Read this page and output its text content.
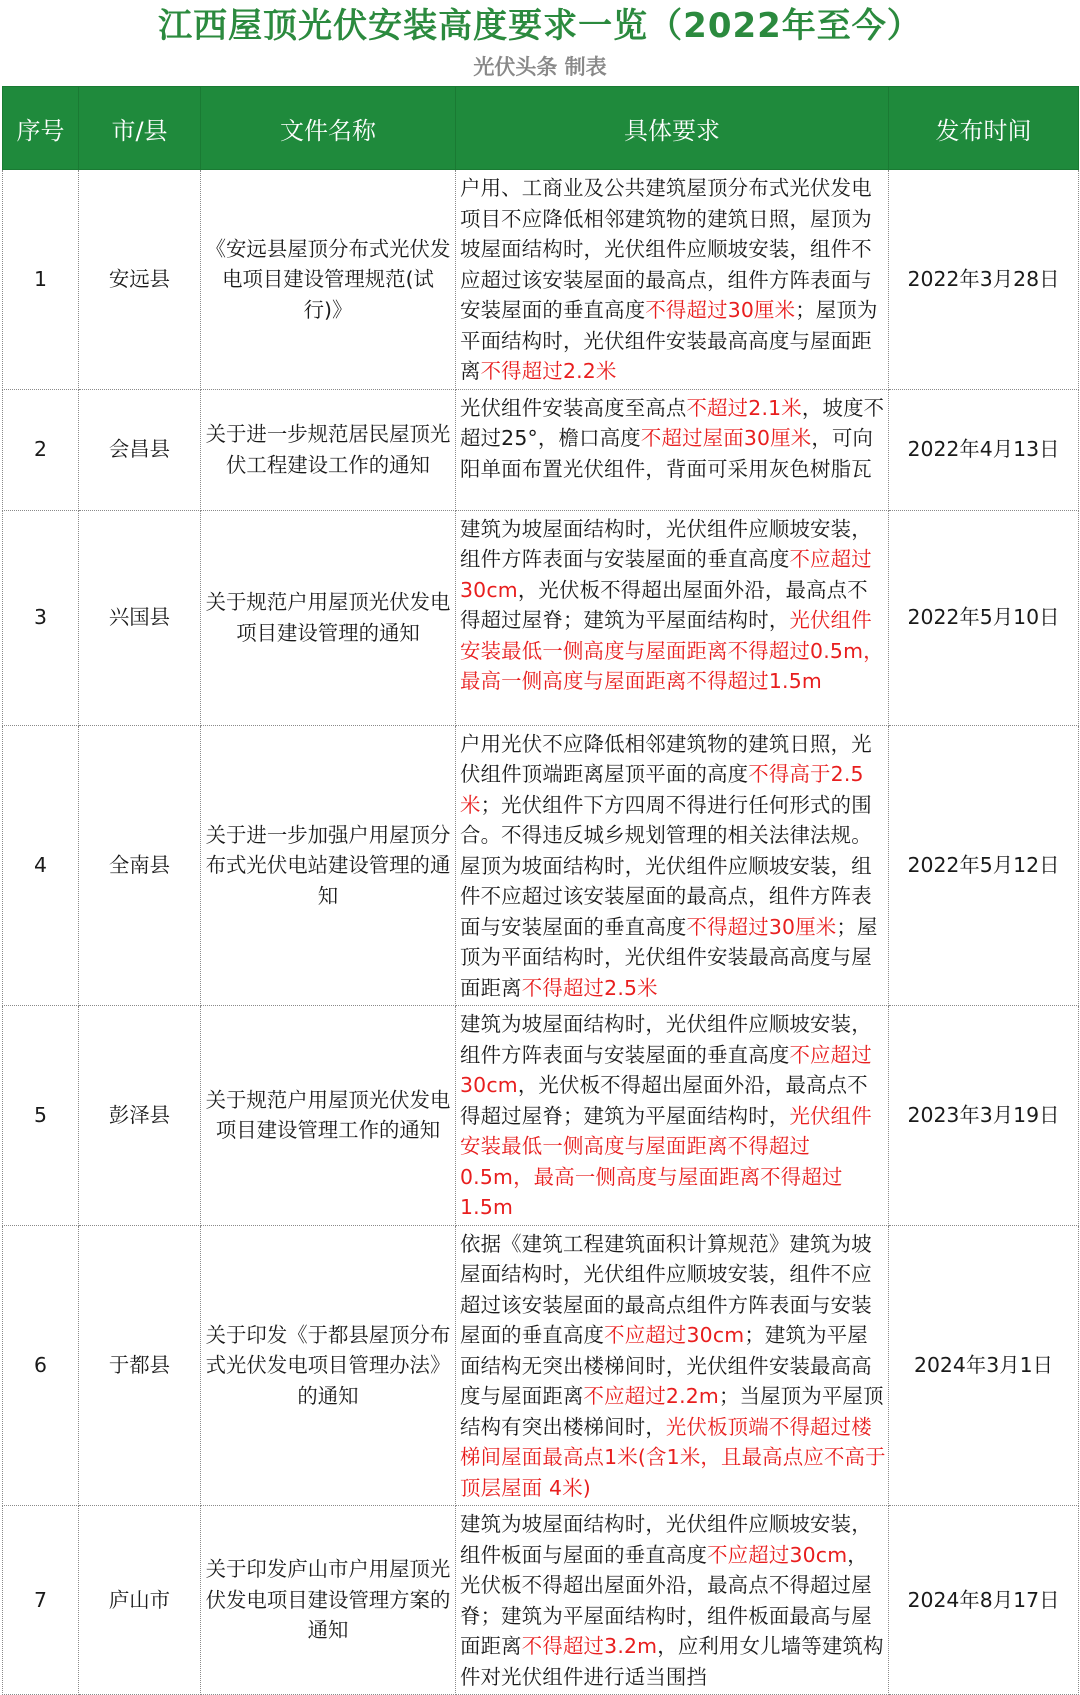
江西屋顶光伏安装高度要求一览（2022年至今）
光伏头条 制表
序号	市/县	文件名称	具体要求	发布时间
1	安远县	《安远县屋顶分布式光伏发电项目建设管理规范(试行)》	户用、工商业及公共建筑屋顶分布式光伏发电项目不应降低相邻建筑物的建筑日照，屋顶为坡屋面结构时，光伏组件应顺坡安装，组件不应超过该安装屋面的最高点，组件方阵表面与安装屋面的垂直高度不得超过30厘米；屋顶为平面结构时，光伏组件安装最高高度与屋面距离不得超过2.2米	2022年3月28日
2	会昌县	关于进一步规范居民屋顶光伏工程建设工作的通知	光伏组件安装高度至高点不超过2.1米，坡度不超过25°，檐口高度不超过屋面30厘米，可向阳单面布置光伏组件，背面可采用灰色树脂瓦	2022年4月13日
3	兴国县	关于规范户用屋顶光伏发电项目建设管理的通知	建筑为坡屋面结构时，光伏组件应顺坡安装，组件方阵表面与安装屋面的垂直高度不应超过30cm，光伏板不得超出屋面外沿，最高点不得超过屋脊；建筑为平屋面结构时，光伏组件安装最低一侧高度与屋面距离不得超过0.5m，最高一侧高度与屋面距离不得超过1.5m	2022年5月10日
4	全南县	关于进一步加强户用屋顶分布式光伏电站建设管理的通知	户用光伏不应降低相邻建筑物的建筑日照，光伏组件顶端距离屋顶平面的高度不得高于2.5米；光伏组件下方四周不得进行任何形式的围合。不得违反城乡规划管理的相关法律法规。屋顶为坡面结构时，光伏组件应顺坡安装，组件不应超过该安装屋面的最高点，组件方阵表面与安装屋面的垂直高度不得超过30厘米；屋顶为平面结构时，光伏组件安装最高高度与屋面距离不得超过2.5米	2022年5月12日
5	彭泽县	关于规范户用屋顶光伏发电项目建设管理工作的通知	建筑为坡屋面结构时，光伏组件应顺坡安装，组件方阵表面与安装屋面的垂直高度不应超过 30cm，光伏板不得超出屋面外沿，最高点不得超过屋脊；建筑为平屋面结构时，光伏组件安装最低一侧高度与屋面距离不得超过 0.5m，最高一侧高度与屋面距离不得超过 1.5m	2023年3月19日
6	于都县	关于印发《于都县屋顶分布式光伏发电项目管理办法》的通知	依据《建筑工程建筑面积计算规范》建筑为坡屋面结构时，光伏组件应顺坡安装，组件不应超过该安装屋面的最高点组件方阵表面与安装屋面的垂直高度不应超过30cm；建筑为平屋面结构无突出楼梯间时，光伏组件安装最高高度与屋面距离不应超过2.2m；当屋顶为平屋顶结构有突出楼梯间时，光伏板顶端不得超过楼梯间屋面最高点1米(含1米，且最高点应不高于顶层屋面 4米)	2024年3月1日
7	庐山市	关于印发庐山市户用屋顶光伏发电项目建设管理方案的通知	建筑为坡屋面结构时，光伏组件应顺坡安装，组件板面与屋面的垂直高度不应超过30cm，光伏板不得超出屋面外沿，最高点不得超过屋脊；建筑为平屋面结构时，组件板面最高与屋面距离不得超过3.2m，应利用女儿墙等建筑构件对光伏组件进行适当围挡	2024年8月17日
